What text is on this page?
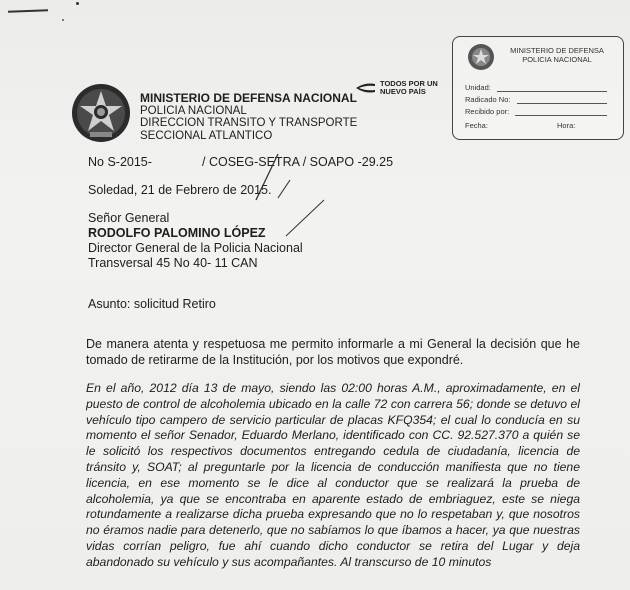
MINISTERIO DE DEFENSA NACIONAL
POLICIA NACIONAL
DIRECCION TRANSITO Y TRANSPORTE
SECCIONAL ATLANTICO
TODOS POR UN
NUEVO PAÍS
MINISTERIO DE DEFENSA
POLICIA NACIONAL
Unidad:
Radicado No:
Recibido por:
Fecha:	Hora:
No S-2015-	/ COSEG-SETRA / SOAPO -29.25
Soledad, 21 de Febrero de 2015.
Señor General
RODOLFO PALOMINO LÓPEZ
Director General de la Policia Nacional
Transversal 45 No 40- 11 CAN
Asunto: solicitud Retiro
De manera atenta y respetuosa me permito informarle a mi General la decisión que he tomado de retirarme de la Institución, por los motivos que expondré.
En el año, 2012 día 13 de mayo, siendo las 02:00 horas A.M., aproximadamente, en el puesto de control de alcoholemia ubicado en la calle 72 con carrera 56; donde se detuvo el vehículo tipo campero de servicio particular de placas KFQ354; el cual lo conducía en su momento el señor Senador, Eduardo Merlano, identificado con CC. 92.527.370 a quién se le solicitó los respectivos documentos entregando cedula de ciudadanía, licencia de tránsito y, SOAT; al preguntarle por la licencia de conducción manifiesta que no tiene licencia, en ese momento se le dice al conductor que se realizará la prueba de alcoholemia, ya que se encontraba en aparente estado de embriaguez, este se niega rotundamente a realizarse dicha prueba expresando que no lo respetaban y, que nosotros no éramos nadie para detenerlo, que no sabíamos lo que íbamos a hacer, ya que nuestras vidas corrían peligro, fue ahí cuando dicho conductor se retira del Lugar y deja abandonado su vehículo y sus acompañantes. Al transcurso de 10 minutos
